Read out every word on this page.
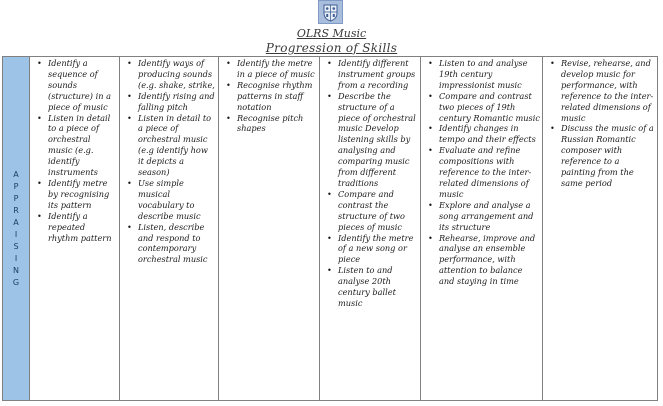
OLRS Music
Progression of Skills
A
P
P
R
A
I
S
I
N
G
• Identify a sequence of sounds (structure) in a piece of music
• Listen in detail to a piece of orchestral music (e.g. identify instruments
• Identify metre by recognising its pattern
• Identify a repeated rhythm pattern
• Identify ways of producing sounds (e.g. shake, strike,
• Identify rising and falling pitch
• Listen in detail to a piece of orchestral music (e.g identify how it depicts a season)
• Use simple musical vocabulary to describe music
• Listen, describe and respond to contemporary orchestral music
• Identify the metre in a piece of music
• Recognise rhythm patterns in staff notation
• Recognise pitch shapes
• Identify different instrument groups from a recording
• Describe the structure of a piece of orchestral music Develop listening skills by analysing and comparing music from different traditions
• Compare and contrast the structure of two pieces of music
• Identify the metre of a new song or piece
• Listen to and analyse 20th century ballet music
• Listen to and analyse 19th century impressionist music
• Compare and contrast two pieces of 19th century Romantic music
• Identify changes in tempo and their effects
• Evaluate and refine compositions with reference to the inter-related dimensions of music
• Explore and analyse a song arrangement and its structure
• Rehearse, improve and analyse an ensemble performance, with attention to balance and staying in time
• Revise, rehearse, and develop music for performance, with reference to the inter-related dimensions of music
• Discuss the music of a Russian Romantic composer with reference to a painting from the same period
